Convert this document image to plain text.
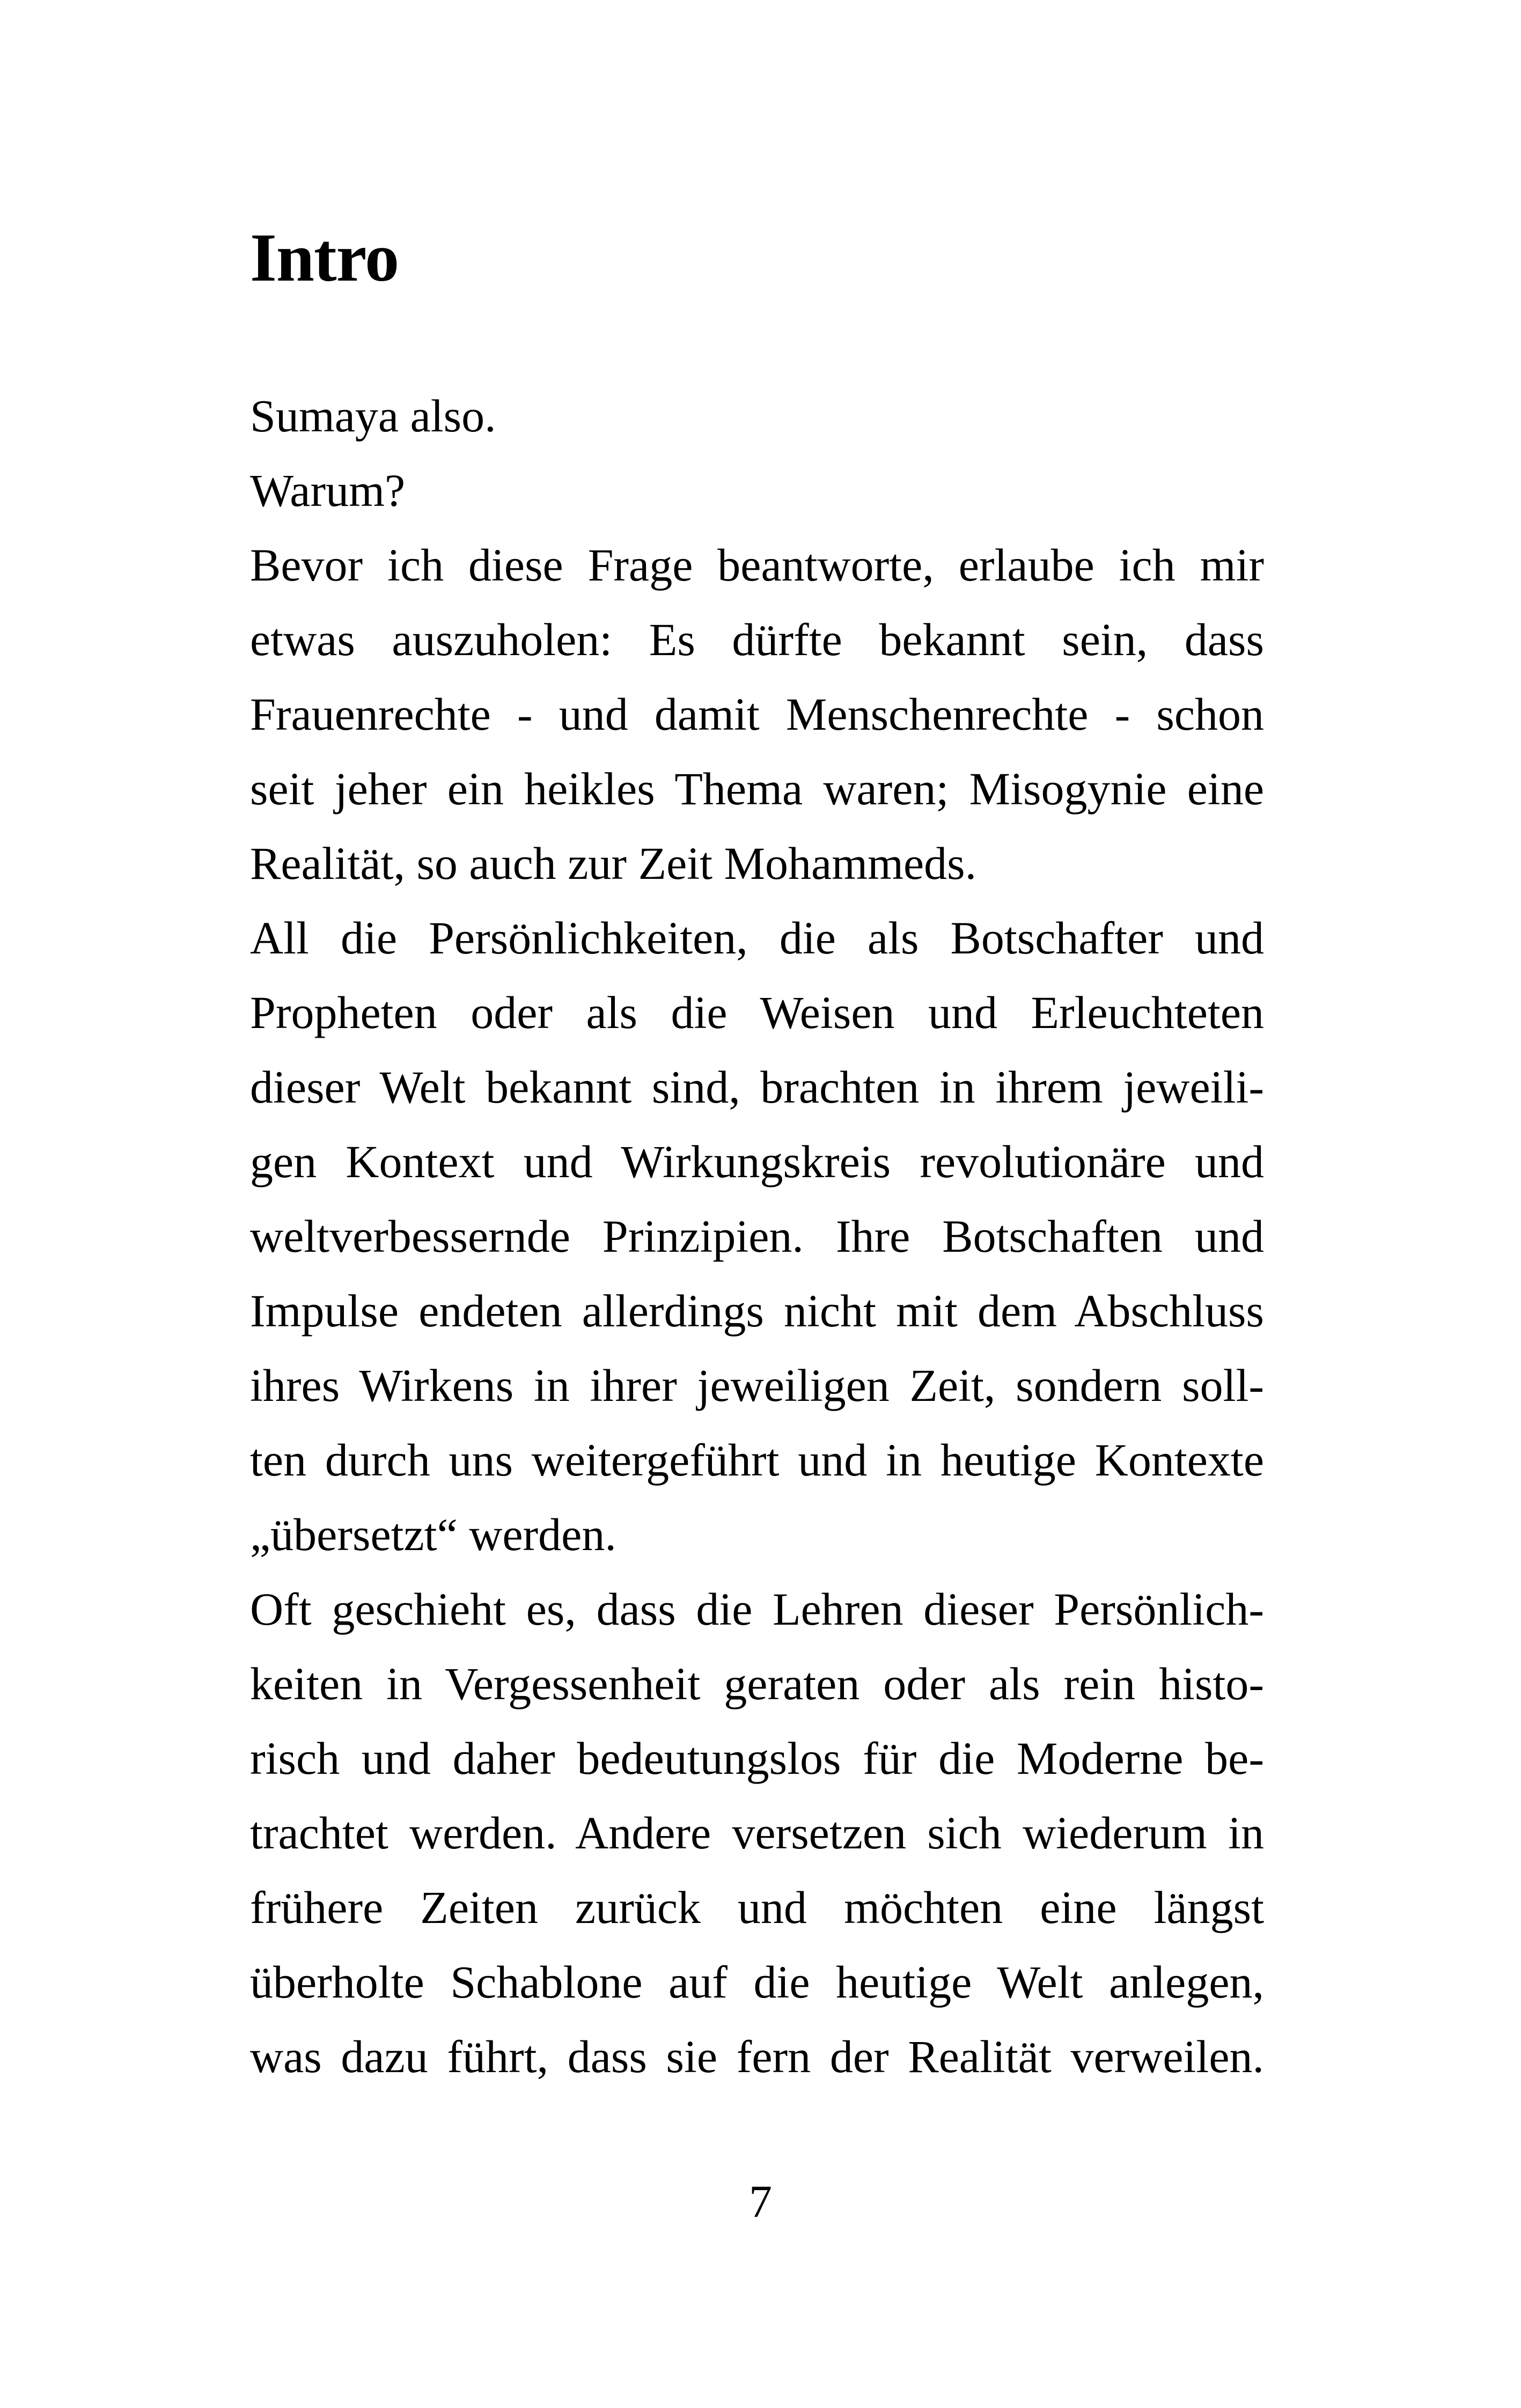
Intro
Sumaya also.
Warum?
Bevor ich diese Frage beantworte, erlaube ich mir
etwas auszuholen: Es dürfte bekannt sein, dass
Frauenrechte - und damit Menschenrechte - schon
seit jeher ein heikles Thema waren; Misogynie eine
Realität, so auch zur Zeit Mohammeds.
All die Persönlichkeiten, die als Botschafter und
Propheten oder als die Weisen und Erleuchteten
dieser Welt bekannt sind, brachten in ihrem jeweili-
gen Kontext und Wirkungskreis revolutionäre und
weltverbessernde Prinzipien. Ihre Botschaften und
Impulse endeten allerdings nicht mit dem Abschluss
ihres Wirkens in ihrer jeweiligen Zeit, sondern soll-
ten durch uns weitergeführt und in heutige Kontexte
„übersetzt“ werden.
Oft geschieht es, dass die Lehren dieser Persönlich-
keiten in Vergessenheit geraten oder als rein histo-
risch und daher bedeutungslos für die Moderne be-
trachtet werden. Andere versetzen sich wiederum in
frühere Zeiten zurück und möchten eine längst
überholte Schablone auf die heutige Welt anlegen,
was dazu führt, dass sie fern der Realität verweilen.
7
